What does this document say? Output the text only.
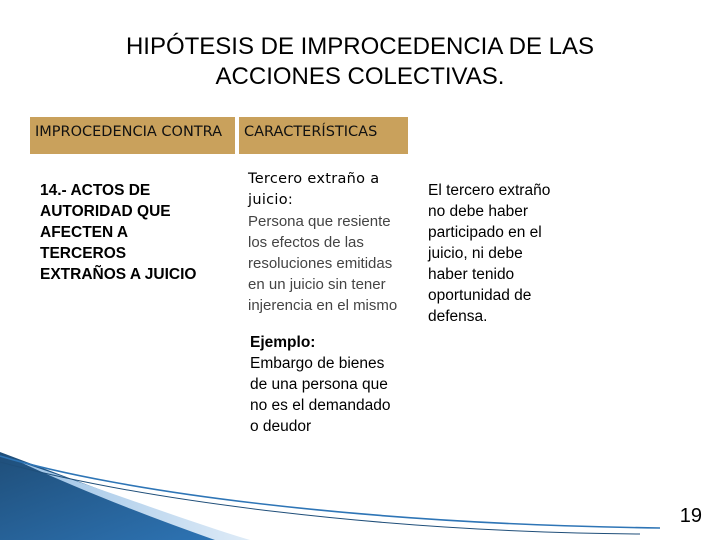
HIPÓTESIS DE IMPROCEDENCIA DE LAS
ACCIONES COLECTIVAS.
IMPROCEDENCIA CONTRA	CARACTERÍSTICAS
14.- ACTOS DE
AUTORIDAD QUE
AFECTEN A
TERCEROS
EXTRAÑOS A JUICIO
Tercero extraño a
juicio:
Persona que resiente
los efectos de las
resoluciones emitidas
en un juicio sin tener
injerencia en el mismo
El tercero extraño
no debe haber
participado en el
juicio, ni debe
haber tenido
oportunidad de
defensa.
Ejemplo:
Embargo de bienes
de una persona que
no es el demandado
o deudor
19
